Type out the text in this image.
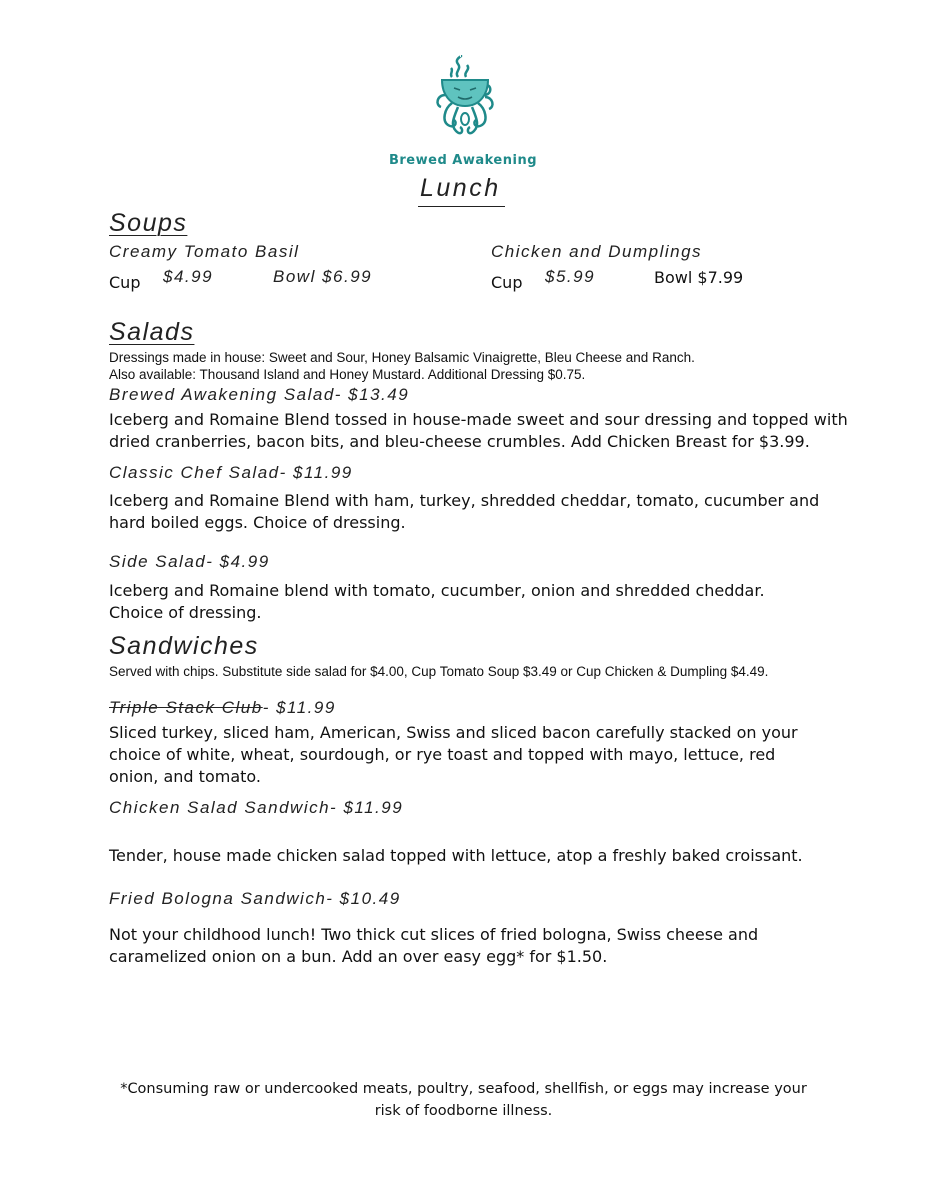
Brewed Awakening
Lunch
Soups
Creamy Tomato Basil
Cup $4.99	Bowl $6.99
Chicken and Dumplings
Cup $5.99	Bowl $7.99
Salads
Dressings made in house: Sweet and Sour, Honey Balsamic Vinaigrette, Bleu Cheese and Ranch.
Also available: Thousand Island and Honey Mustard. Additional Dressing $0.75.
Brewed Awakening Salad- $13.49
Iceberg and Romaine Blend tossed in house-made sweet and sour dressing and topped with dried cranberries, bacon bits, and bleu-cheese crumbles. Add Chicken Breast for $3.99.
Classic Chef Salad- $11.99
Iceberg and Romaine Blend with ham, turkey, shredded cheddar, tomato, cucumber and hard boiled eggs. Choice of dressing.
Side Salad- $4.99
Iceberg and Romaine blend with tomato, cucumber, onion and shredded cheddar. Choice of dressing.
Sandwiches
Served with chips. Substitute side salad for $4.00, Cup Tomato Soup $3.49 or Cup Chicken & Dumpling $4.49.
Triple Stack Club- $11.99
Sliced turkey, sliced ham, American, Swiss and sliced bacon carefully stacked on your choice of white, wheat, sourdough, or rye toast and topped with mayo, lettuce, red onion, and tomato.
Chicken Salad Sandwich- $11.99
Tender, house made chicken salad topped with lettuce, atop a freshly baked croissant.
Fried Bologna Sandwich- $10.49
Not your childhood lunch! Two thick cut slices of fried bologna, Swiss cheese and caramelized onion on a bun. Add an over easy egg* for $1.50.
*Consuming raw or undercooked meats, poultry, seafood, shellfish, or eggs may increase your risk of foodborne illness.
